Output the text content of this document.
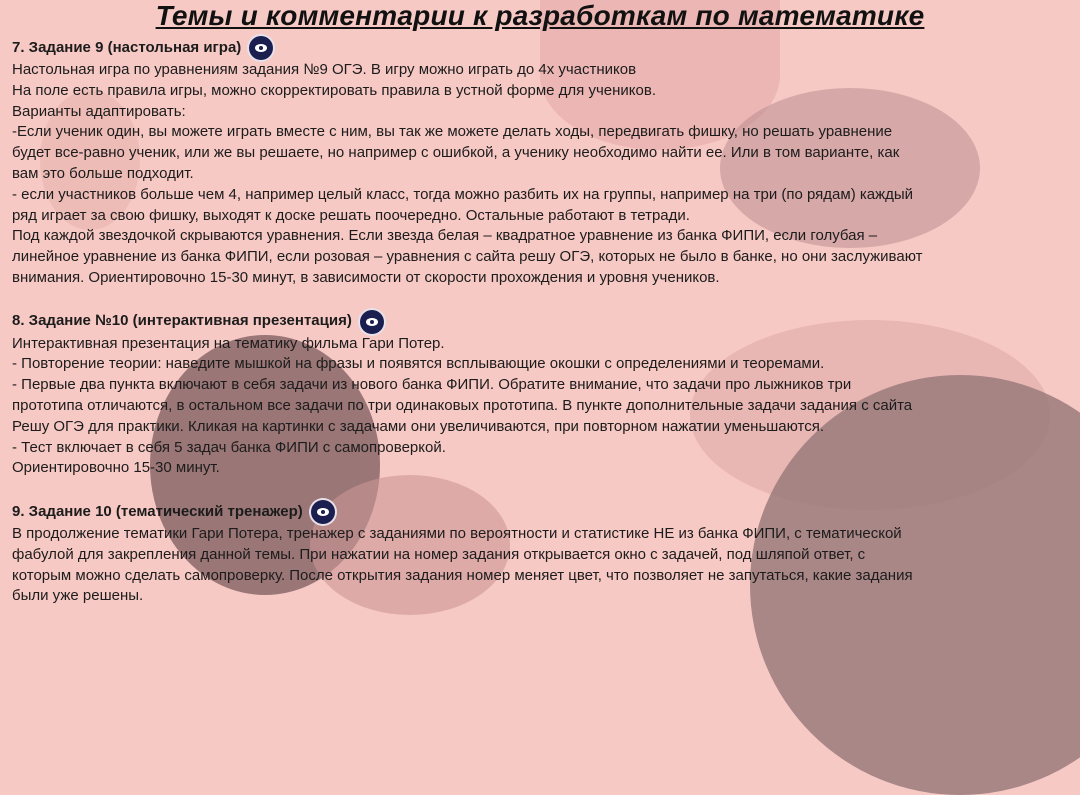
Темы и комментарии к разработкам по математике
7. Задание 9 (настольная игра)

Настольная игра по уравнениям задания №9 ОГЭ. В игру можно играть до 4х участников

На поле есть правила игры, можно скорректировать правила в устной форме для учеников.

Варианты адаптировать:

-Если ученик один, вы можете играть вместе с ним, вы так же можете делать ходы, передвигать фишку, но решать уравнение

будет все-равно ученик, или же вы решаете, но например с ошибкой, а ученику необходимо найти ее. Или в том варианте, как

вам это больше подходит.

- если участников больше чем 4, например целый класс, тогда можно разбить их на группы, например на три (по рядам) каждый

ряд играет за свою фишку, выходят к доске решать поочередно. Остальные работают в тетради.

Под каждой звездочкой скрываются уравнения. Если звезда белая – квадратное уравнение из банка ФИПИ, если голубая –

линейное уравнение из банка ФИПИ, если розовая – уравнения с сайта решу ОГЭ, которых не было в банке, но они заслуживают

внимания. Ориентировочно 15-30 минут, в зависимости от скорости прохождения и уровня учеников.

8. Задание №10 (интерактивная презентация)

Интерактивная презентация на тематику фильма Гари Потер.

- Повторение теории: наведите мышкой на фразы и появятся всплывающие окошки с определениями и теоремами.

- Первые два пункта включают в себя задачи из нового банка ФИПИ. Обратите внимание, что задачи про лыжников три

прототипа отличаются, в остальном все задачи по три одинаковых прототипа. В пункте дополнительные задачи задания с сайта

Решу ОГЭ для практики. Кликая на картинки с задачами они увеличиваются, при повторном нажатии уменьшаются.

- Тест включает в себя 5 задач банка ФИПИ с самопроверкой.

Ориентировочно 15-30 минут.

9. Задание 10 (тематический тренажер)

В продолжение тематики Гари Потера, тренажер с заданиями по вероятности и статистике НЕ из банка ФИПИ, с тематической

фабулой для закрепления данной темы. При нажатии на номер задания открывается окно с задачей, под шляпой ответ, с

которым можно сделать самопроверку. После открытия задания номер меняет цвет, что позволяет не запутаться, какие задания

были уже решены.
